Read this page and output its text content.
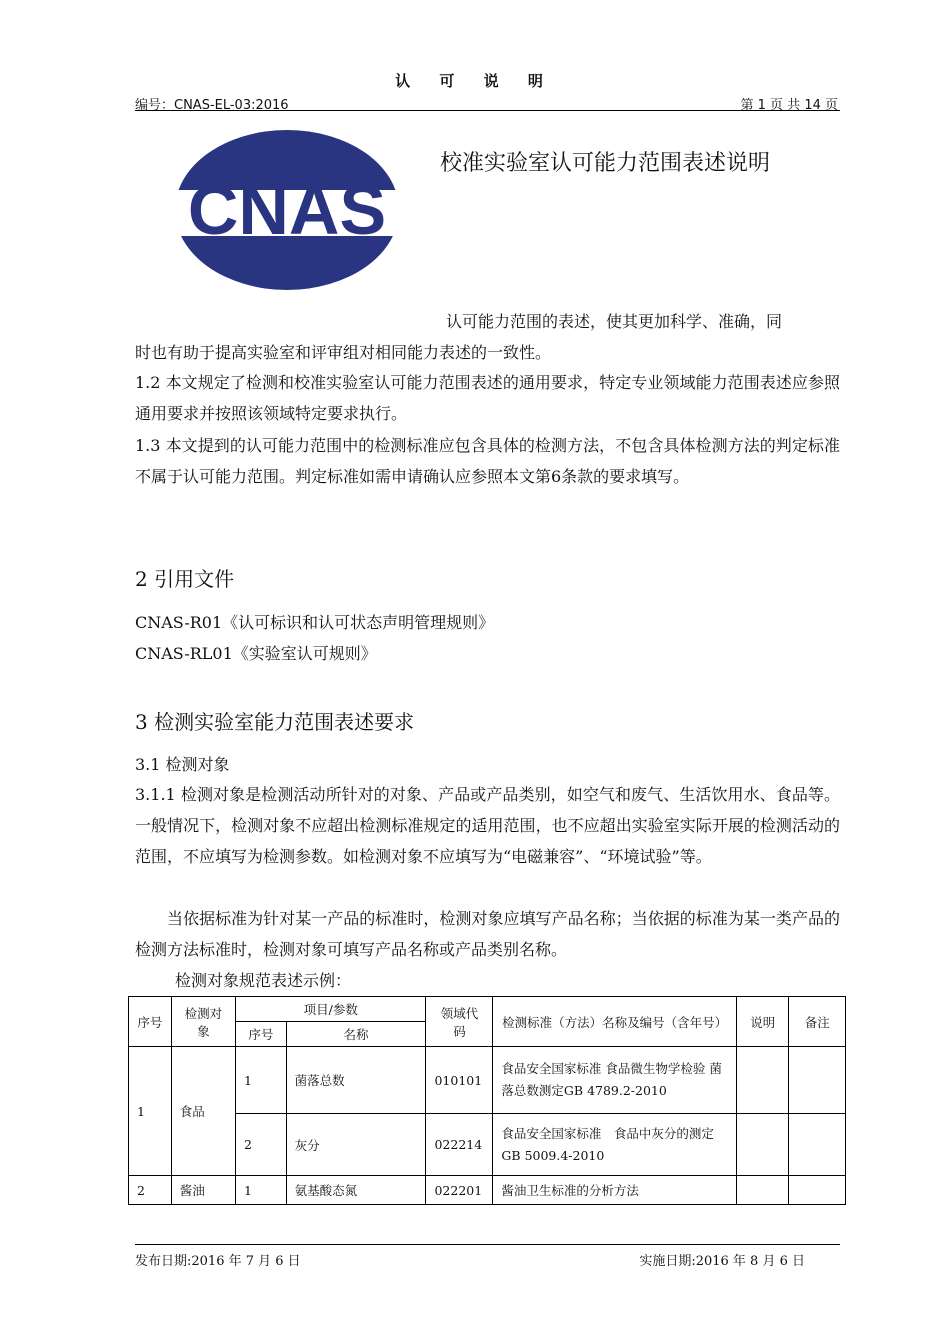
认 可 说 明
编号：CNAS-EL-03:2016	第 1 页 共 14 页
CNAS
校准实验室认可能力范围表述说明
认可能力范围的表述，使其更加科学、准确，同
时也有助于提高实验室和评审组对相同能力表述的一致性。
1.2 本文规定了检测和校准实验室认可能力范围表述的通用要求，特定专业领域能力范围表述应参照通用要求并按照该领域特定要求执行。
1.3 本文提到的认可能力范围中的检测标准应包含具体的检测方法，不包含具体检测方法的判定标准不属于认可能力范围。判定标准如需申请确认应参照本文第6条款的要求填写。
2 引用文件
CNAS-R01《认可标识和认可状态声明管理规则》
CNAS-RL01《实验室认可规则》
3 检测实验室能力范围表述要求
3.1 检测对象
3.1.1 检测对象是检测活动所针对的对象、产品或产品类别，如空气和废气、生活饮用水、食品等。一般情况下，检测对象不应超出检测标准规定的适用范围，也不应超出实验室实际开展的检测活动的范围，不应填写为检测参数。如检测对象不应填写为“电磁兼容”、“环境试验”等。
当依据标准为针对某一产品的标准时，检测对象应填写产品名称；当依据的标准为某一类产品的检测方法标准时，检测对象可填写产品名称或产品类别名称。
检测对象规范表述示例：
序号	检测对象	项目/参数		领域代码	检测标准（方法）名称及编号（含年号）	说明	备注
		序号	名称				
1	食品	1	菌落总数	010101	食品安全国家标准 食品微生物学检验 菌落总数测定GB 4789.2-2010		
		2	灰分	022214	食品安全国家标准　食品中灰分的测定GB 5009.4-2010		
2	酱油	1	氨基酸态氮	022201	酱油卫生标准的分析方法		
发布日期:2016 年 7 月 6 日	实施日期:2016 年 8 月 6 日
